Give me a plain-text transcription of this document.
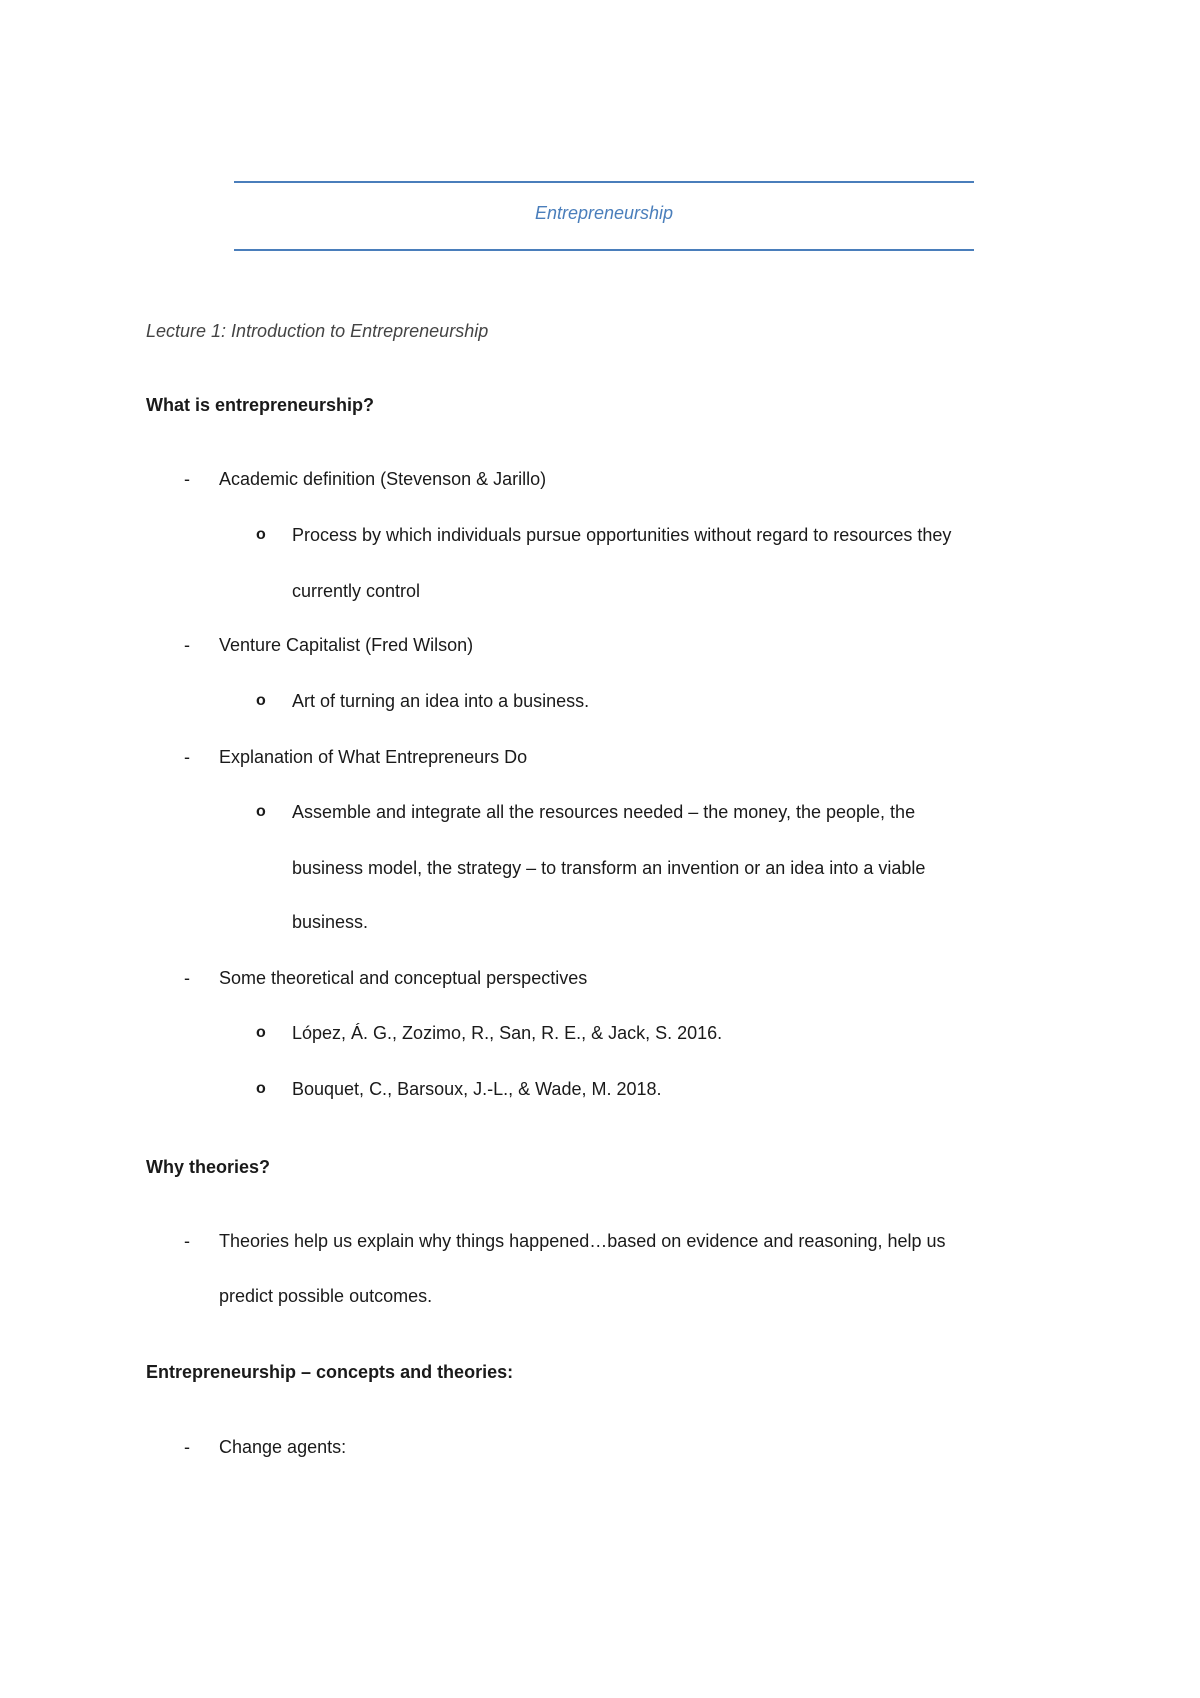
Entrepreneurship
Lecture 1: Introduction to Entrepreneurship
What is entrepreneurship?
- Academic definition (Stevenson & Jarillo)
o Process by which individuals pursue opportunities without regard to resources they
currently control
- Venture Capitalist (Fred Wilson)
o Art of turning an idea into a business.
- Explanation of What Entrepreneurs Do
o Assemble and integrate all the resources needed – the money, the people, the
business model, the strategy – to transform an invention or an idea into a viable
business.
- Some theoretical and conceptual perspectives
o López, Á. G., Zozimo, R., San, R. E., & Jack, S. 2016.
o Bouquet, C., Barsoux, J.-L., & Wade, M. 2018.
Why theories?
- Theories help us explain why things happened…based on evidence and reasoning, help us
predict possible outcomes.
Entrepreneurship – concepts and theories:
- Change agents:
